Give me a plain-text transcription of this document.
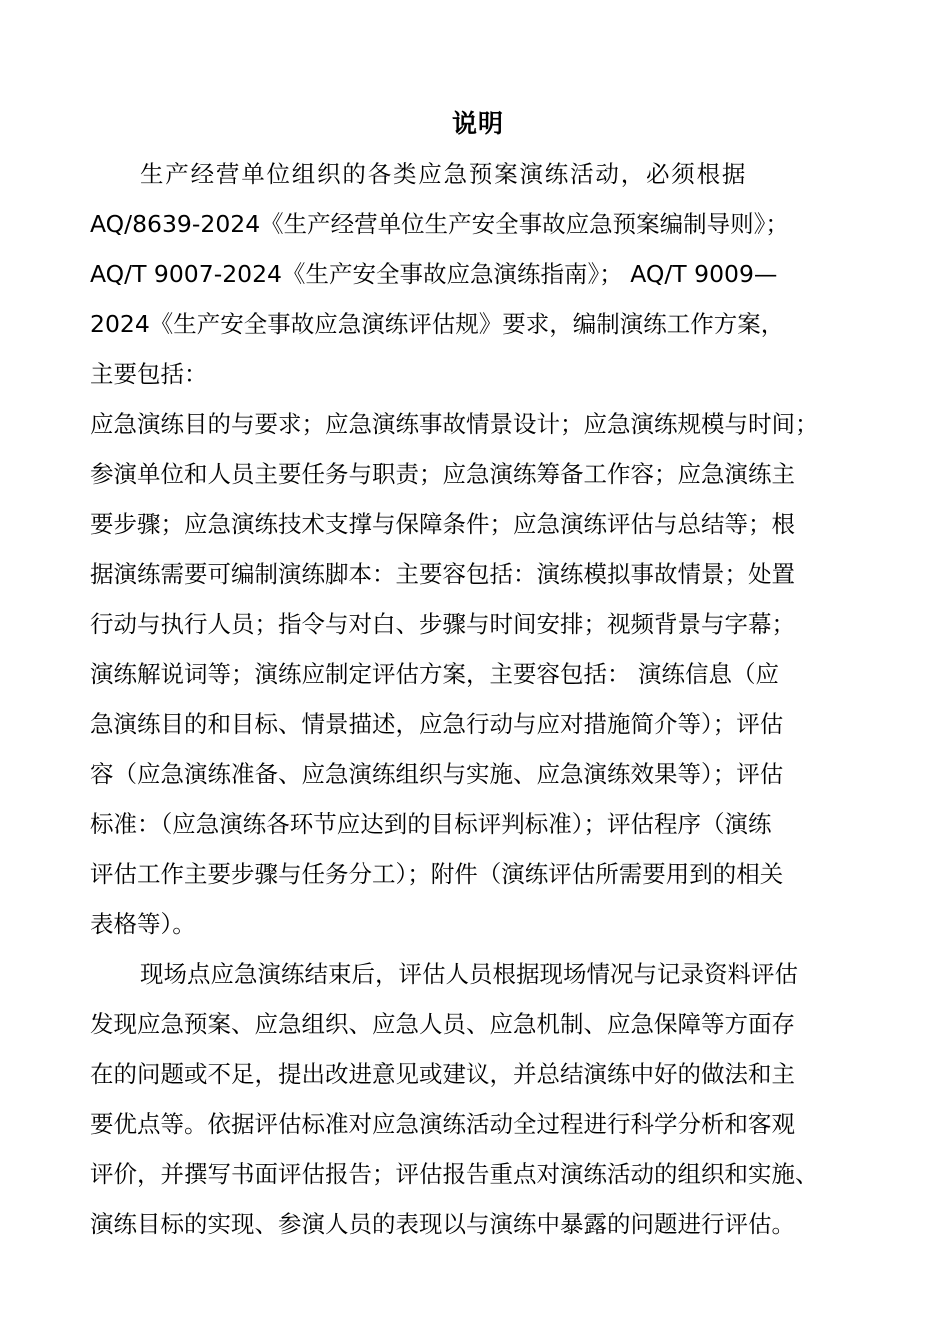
说明
生产经营单位组织的各类应急预案演练活动，必须根据
AQ/8639-2024《生产经营单位生产安全事故应急预案编制导则》；
AQ/T 9007-2024《生产安全事故应急演练指南》； AQ/T 9009—
2024《生产安全事故应急演练评估规》要求，编制演练工作方案，
主要包括：
应急演练目的与要求；应急演练事故情景设计；应急演练规模与时间；
参演单位和人员主要任务与职责；应急演练筹备工作容；应急演练主
要步骤；应急演练技术支撑与保障条件；应急演练评估与总结等；根
据演练需要可编制演练脚本：主要容包括：演练模拟事故情景；处置
行动与执行人员；指令与对白、步骤与时间安排；视频背景与字幕；
演练解说词等；演练应制定评估方案，主要容包括： 演练信息（应
急演练目的和目标、情景描述，应急行动与应对措施简介等）；评估
容（应急演练准备、应急演练组织与实施、应急演练效果等）；评估
标准：（应急演练各环节应达到的目标评判标准）；评估程序（演练
评估工作主要步骤与任务分工）；附件（演练评估所需要用到的相关
表格等）。
现场点应急演练结束后，评估人员根据现场情况与记录资料评估
发现应急预案、应急组织、应急人员、应急机制、应急保障等方面存
在的问题或不足，提出改进意见或建议，并总结演练中好的做法和主
要优点等。依据评估标准对应急演练活动全过程进行科学分析和客观
评价，并撰写书面评估报告；评估报告重点对演练活动的组织和实施、
演练目标的实现、参演人员的表现以与演练中暴露的问题进行评估。
